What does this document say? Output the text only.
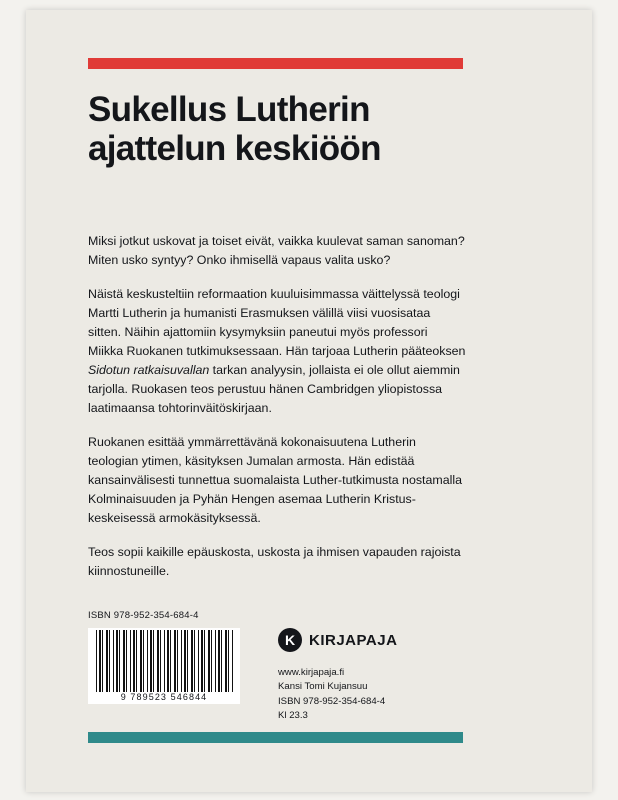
Sukellus Lutherin
ajattelun keskiöön

Miksi jotkut uskovat ja toiset eivät, vaikka kuulevat saman sanoman? Miten usko syntyy? Onko ihmisellä vapaus valita usko?

Näistä keskusteltiin reformaation kuuluisimmassa väittelyssä teologi Martti Lutherin ja humanisti Erasmuksen välillä viisi vuosisataa sitten. Näihin ajattomiin kysymyksiin paneutui myös professori Miikka Ruokanen tutkimuksessaan. Hän tarjoaa Lutherin pääteoksen Sidotun ratkaisuvallan tarkan analyysin, jollaista ei ole ollut aiemmin tarjolla. Ruokasen teos perustuu hänen Cambridgen yliopistossa laatimaansa tohtorinväitöskirjaan.

Ruokanen esittää ymmärrettävänä kokonaisuutena Lutherin teologian ytimen, käsityksen Jumalan armosta. Hän edistää kansainvälisesti tunnettua suomalaista Luther-tutkimusta nostamalla Kolminaisuuden ja Pyhän Hengen asemaa Lutherin Kristus-keskeisessä armokäsityksessä.

Teos sopii kaikille epäuskosta, uskosta ja ihmisen vapauden rajoista kiinnostuneille.

ISBN 978-952-354-684-4
9 789523 546844
K
KIRJAPAJA
www.kirjapaja.fi
Kansi Tomi Kujansuu
ISBN 978-952-354-684-4
Kl 23.3
